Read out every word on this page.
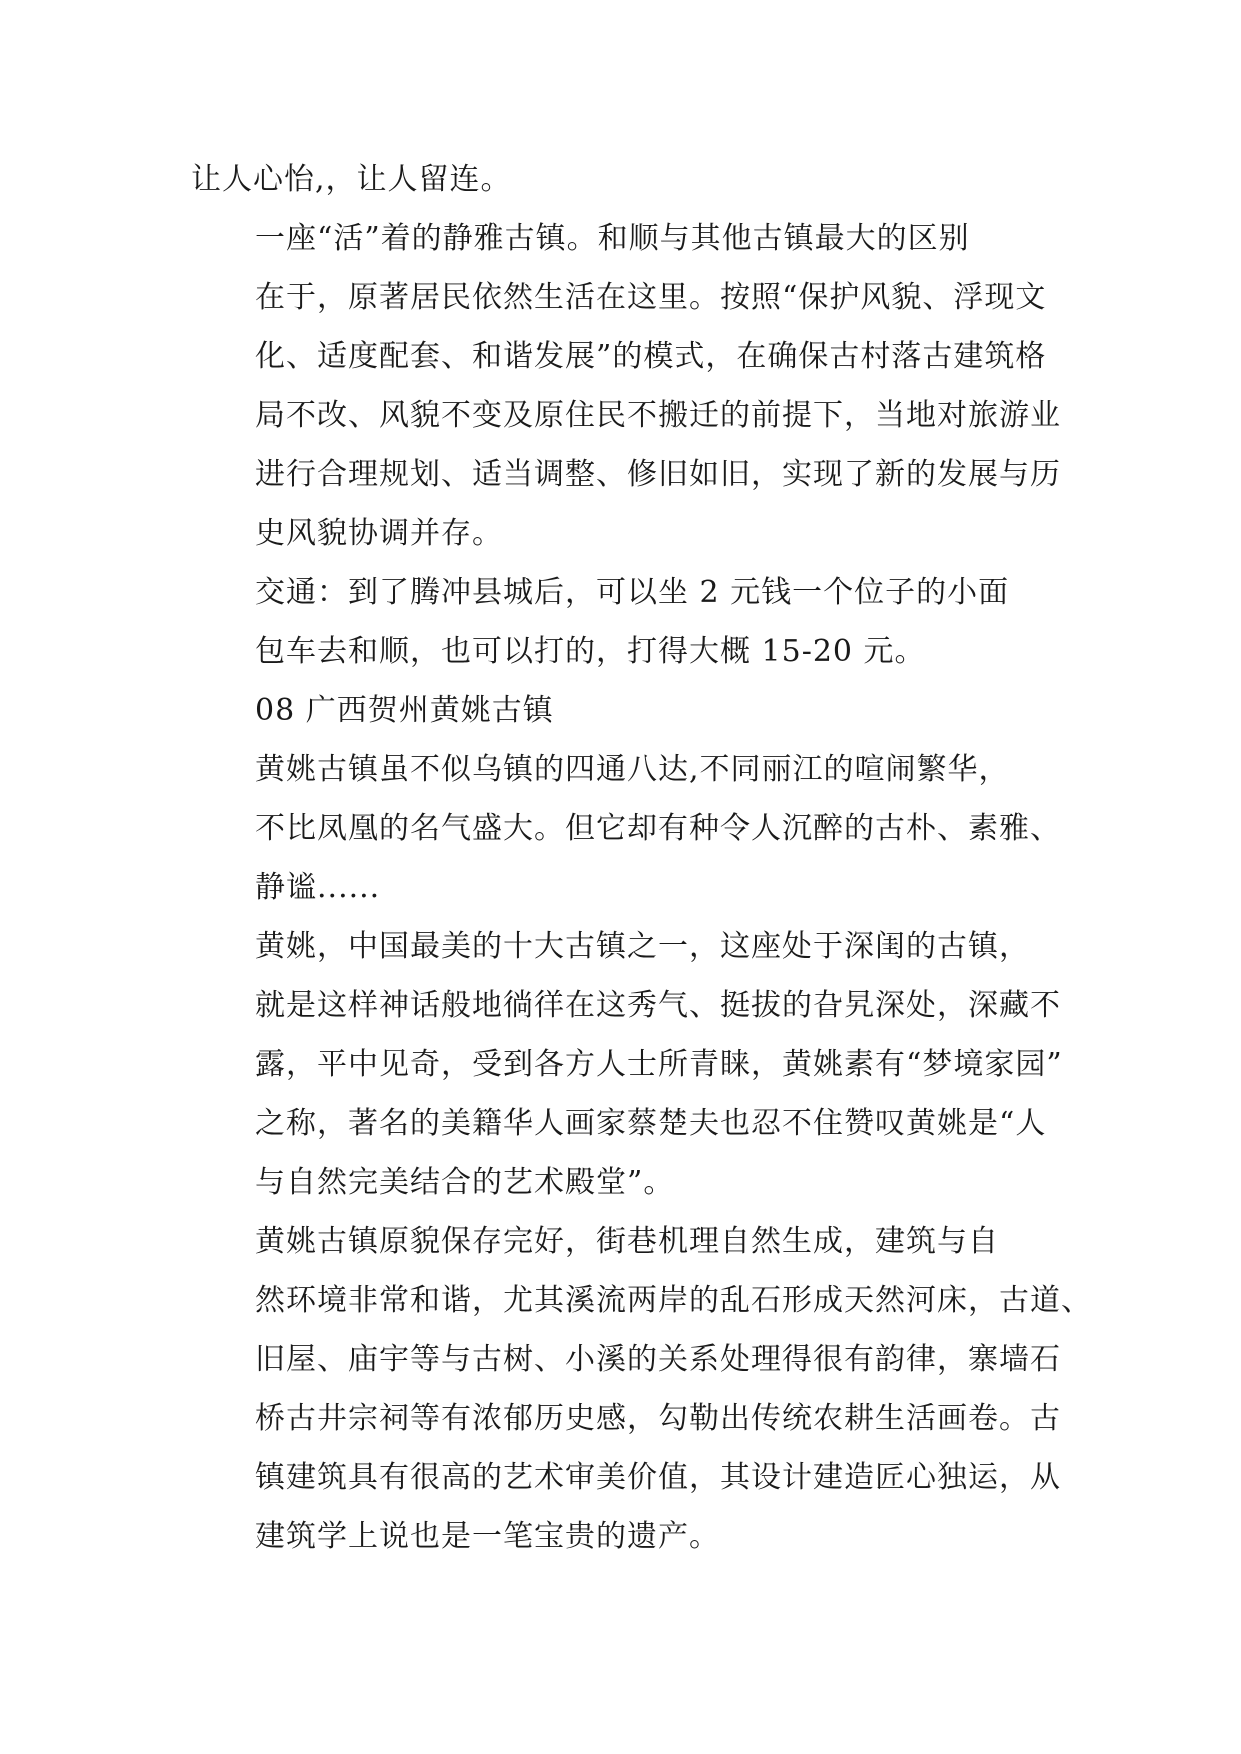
让人心怡,，让人留连。

一座“活”着的静雅古镇。和顺与其他古镇最大的区别
在于，原著居民依然生活在这里。按照“保护风貌、浮现文
化、适度配套、和谐发展”的模式，在确保古村落古建筑格
局不改、风貌不变及原住民不搬迁的前提下，当地对旅游业
进行合理规划、适当调整、修旧如旧，实现了新的发展与历
史风貌协调并存。

交通：到了腾冲县城后，可以坐 2 元钱一个位子的小面
包车去和顺，也可以打的，打得大概 15-20 元。

08 广西贺州黄姚古镇

黄姚古镇虽不似乌镇的四通八达,不同丽江的喧闹繁华，
不比凤凰的名气盛大。但它却有种令人沉醉的古朴、素雅、
静谧......

黄姚，中国最美的十大古镇之一，这座处于深闺的古镇，
就是这样神话般地徜徉在这秀气、挺拔的旮旯深处，深藏不
露，平中见奇，受到各方人士所青睐，黄姚素有“梦境家园”
之称，著名的美籍华人画家蔡楚夫也忍不住赞叹黄姚是“人
与自然完美结合的艺术殿堂”。

黄姚古镇原貌保存完好，街巷机理自然生成，建筑与自
然环境非常和谐，尤其溪流两岸的乱石形成天然河床，古道、
旧屋、庙宇等与古树、小溪的关系处理得很有韵律，寨墙石
桥古井宗祠等有浓郁历史感，勾勒出传统农耕生活画卷。古
镇建筑具有很高的艺术审美价值，其设计建造匠心独运，从
建筑学上说也是一笔宝贵的遗产。
